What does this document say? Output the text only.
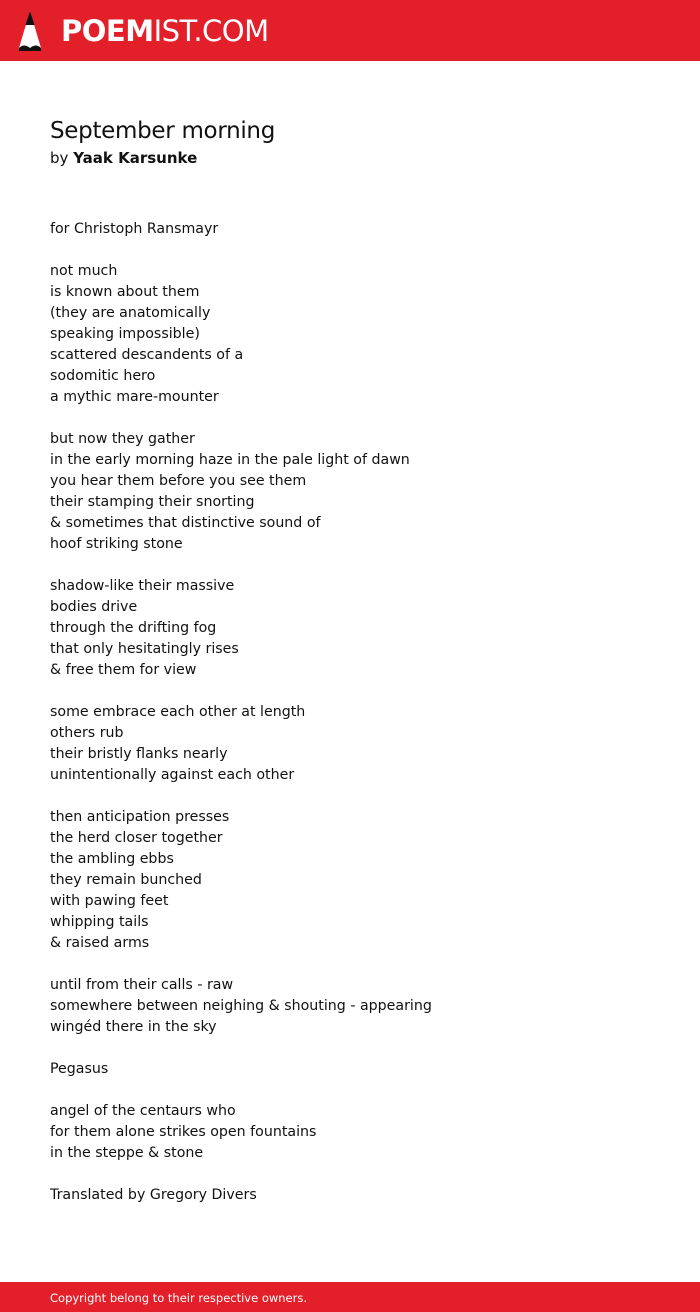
POEMIST.COM
September morning
by Yaak Karsunke
for Christoph Ransmayr

not much
is known about them
(they are anatomically
speaking impossible)
scattered descandents of a
sodomitic hero
a mythic mare-mounter

but now they gather
in the early morning haze in the pale light of dawn
you hear them before you see them
their stamping their snorting
& sometimes that distinctive sound of
hoof striking stone

shadow-like their massive
bodies drive
through the drifting fog
that only hesitatingly rises
& free them for view

some embrace each other at length
others rub
their bristly flanks nearly
unintentionally against each other

then anticipation presses
the herd closer together
the ambling ebbs
they remain bunched
with pawing feet
whipping tails
& raised arms

until from their calls - raw
somewhere between neighing & shouting - appearing
wingéd there in the sky

Pegasus

angel of the centaurs who
for them alone strikes open fountains
in the steppe & stone

Translated by Gregory Divers
Copyright belong to their respective owners.
